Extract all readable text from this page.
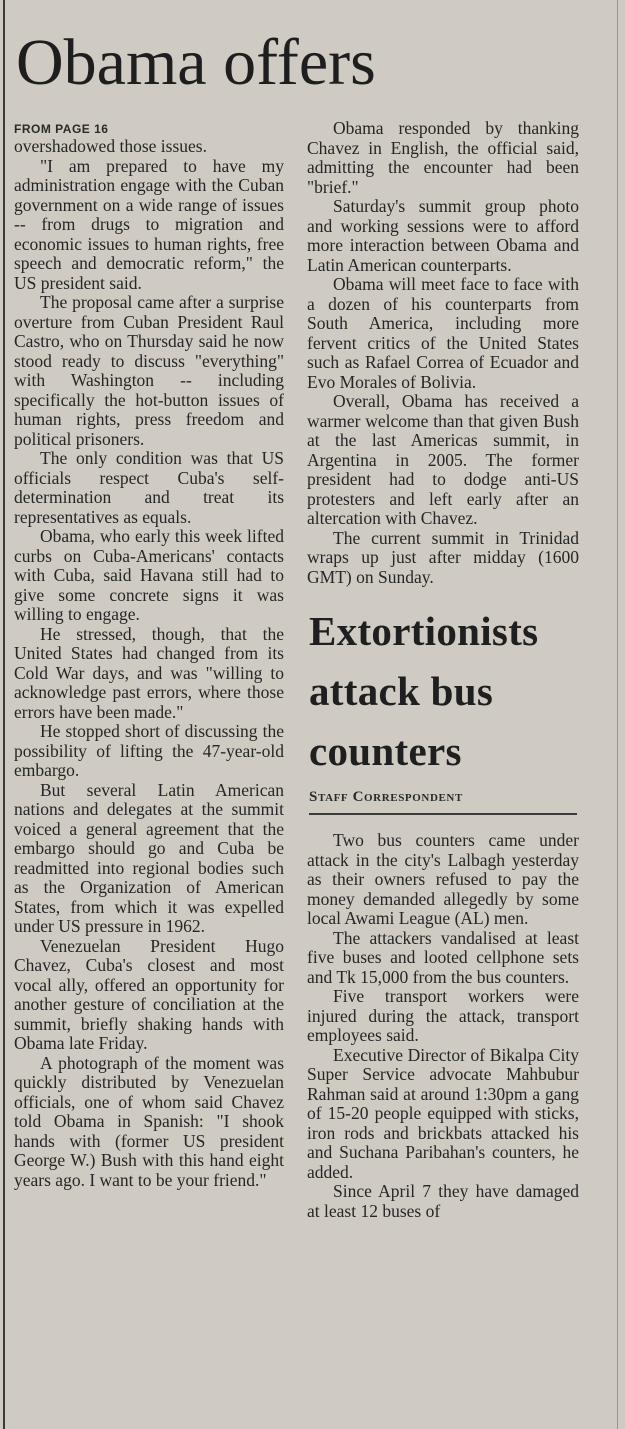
Obama offers
FROM PAGE 16

overshadowed those issues.

"I am prepared to have my administration engage with the Cuban government on a wide range of issues -- from drugs to migration and economic issues to human rights, free speech and democratic reform," the US president said.

The proposal came after a surprise overture from Cuban President Raul Castro, who on Thursday said he now stood ready to discuss "everything" with Washington -- including specifically the hot-button issues of human rights, press freedom and political prisoners.

The only condition was that US officials respect Cuba's self-determination and treat its representatives as equals.

Obama, who early this week lifted curbs on Cuba-Americans' contacts with Cuba, said Havana still had to give some concrete signs it was willing to engage.

He stressed, though, that the United States had changed from its Cold War days, and was "willing to acknowledge past errors, where those errors have been made."

He stopped short of discussing the possibility of lifting the 47-year-old embargo.

But several Latin American nations and delegates at the summit voiced a general agreement that the embargo should go and Cuba be readmitted into regional bodies such as the Organization of American States, from which it was expelled under US pressure in 1962.

Venezuelan President Hugo Chavez, Cuba's closest and most vocal ally, offered an opportunity for another gesture of conciliation at the summit, briefly shaking hands with Obama late Friday.

A photograph of the moment was quickly distributed by Venezuelan officials, one of whom said Chavez told Obama in Spanish: "I shook hands with (former US president George W.) Bush with this hand eight years ago. I want to be your friend."

Obama responded by thanking Chavez in English, the official said, admitting the encounter had been "brief."

Saturday's summit group photo and working sessions were to afford more interaction between Obama and Latin American counterparts.

Obama will meet face to face with a dozen of his counterparts from South America, including more fervent critics of the United States such as Rafael Correa of Ecuador and Evo Morales of Bolivia.

Overall, Obama has received a warmer welcome than that given Bush at the last Americas summit, in Argentina in 2005. The former president had to dodge anti-US protesters and left early after an altercation with Chavez.

The current summit in Trinidad wraps up just after midday (1600 GMT) on Sunday.

Extortionists attack bus counters
Staff Correspondent

Two bus counters came under attack in the city's Lalbagh yesterday as their owners refused to pay the money demanded allegedly by some local Awami League (AL) men.

The attackers vandalised at least five buses and looted cellphone sets and Tk 15,000 from the bus counters.

Five transport workers were injured during the attack, transport employees said.

Executive Director of Bikalpa City Super Service advocate Mahbubur Rahman said at around 1:30pm a gang of 15-20 people equipped with sticks, iron rods and brickbats attacked his and Suchana Paribahan's counters, he added.

Since April 7 they have damaged at least 12 buses of
